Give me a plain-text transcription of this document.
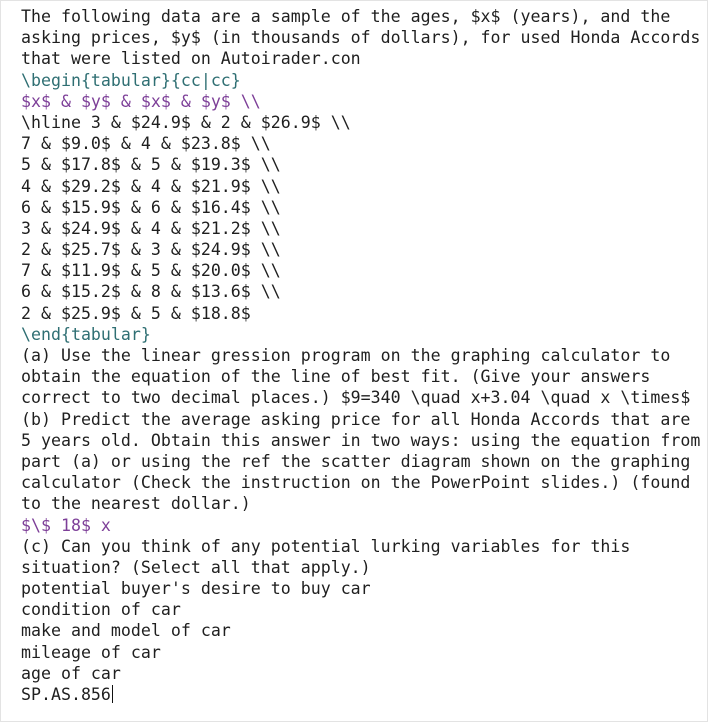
The following data are a sample of the ages, $x$ (years), and the
asking prices, $y$ (in thousands of dollars), for used Honda Accords
that were listed on Autoirader.con
\begin{tabular}{cc|cc}
$x$ & $y$ & $x$ & $y$ \\
\hline 3 & $24.9$ & 2 & $26.9$ \\
7 & $9.0$ & 4 & $23.8$ \\
5 & $17.8$ & 5 & $19.3$ \\
4 & $29.2$ & 4 & $21.9$ \\
6 & $15.9$ & 6 & $16.4$ \\
3 & $24.9$ & 4 & $21.2$ \\
2 & $25.7$ & 3 & $24.9$ \\
7 & $11.9$ & 5 & $20.0$ \\
6 & $15.2$ & 8 & $13.6$ \\
2 & $25.9$ & 5 & $18.8$
\end{tabular}
(a) Use the linear gression program on the graphing calculator to
obtain the equation of the line of best fit. (Give your answers
correct to two decimal places.) $9=340 \quad x+3.04 \quad x \times$
(b) Predict the average asking price for all Honda Accords that are
5 years old. Obtain this answer in two ways: using the equation from
part (a) or using the ref the scatter diagram shown on the graphing
calculator (Check the instruction on the PowerPoint slides.) (found
to the nearest dollar.)
$\$ 18$ x
(c) Can you think of any potential lurking variables for this
situation? (Select all that apply.)
potential buyer's desire to buy car
condition of car
make and model of car
mileage of car
age of car
SP.AS.856
